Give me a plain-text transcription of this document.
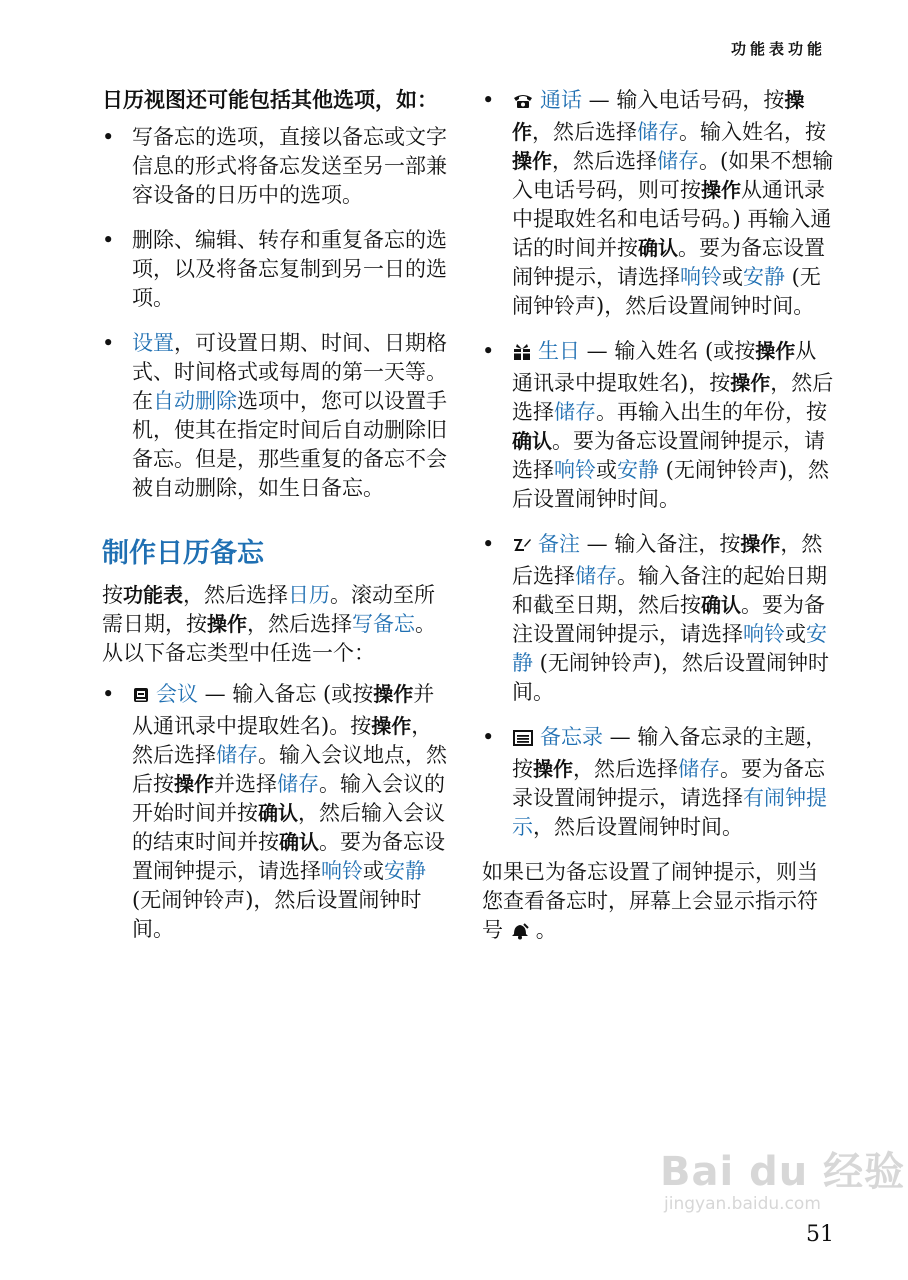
功能表功能

日历视图还可能包括其他选项，如：

• 写备忘的选项，直接以备忘或文字信息的形式将备忘发送至另一部兼容设备的日历中的选项。
• 删除、编辑、转存和重复备忘的选项，以及将备忘复制到另一日的选项。
• 设置，可设置日期、时间、日期格式、时间格式或每周的第一天等。在自动删除选项中，您可以设置手机，使其在指定时间后自动删除旧备忘。但是，那些重复的备忘不会被自动删除，如生日备忘。
制作日历备忘

按功能表，然后选择日历。滚动至所需日期，按操作，然后选择写备忘。从以下备忘类型中任选一个：

• 会议 — 输入备忘 (或按操作并从通讯录中提取姓名)。按操作，然后选择储存。输入会议地点，然后按操作并选择储存。输入会议的开始时间并按确认，然后输入会议的结束时间并按确认。要为备忘设置闹钟提示，请选择响铃或安静 (无闹钟铃声)，然后设置闹钟时间。
• 通话 — 输入电话号码，按操作，然后选择储存。输入姓名，按操作，然后选择储存。(如果不想输入电话号码，则可按操作从通讯录中提取姓名和电话号码。) 再输入通话的时间并按确认。要为备忘设置闹钟提示，请选择响铃或安静 (无闹钟铃声)，然后设置闹钟时间。
• 生日 — 输入姓名 (或按操作从通讯录中提取姓名)，按操作，然后选择储存。再输入出生的年份，按确认。要为备忘设置闹钟提示，请选择响铃或安静 (无闹钟铃声)，然后设置闹钟时间。
• 备注 — 输入备注，按操作，然后选择储存。输入备注的起始日期和截至日期，然后按确认。要为备注设置闹钟提示，请选择响铃或安静 (无闹钟铃声)，然后设置闹钟时间。
• 备忘录 — 输入备忘录的主题，按操作，然后选择储存。要为备忘录设置闹钟提示，请选择有闹钟提示，然后设置闹钟时间。

如果已为备忘设置了闹钟提示，则当您查看备忘时，屏幕上会显示指示符号 。

Bai du 经验
jingyan.baidu.com
51
